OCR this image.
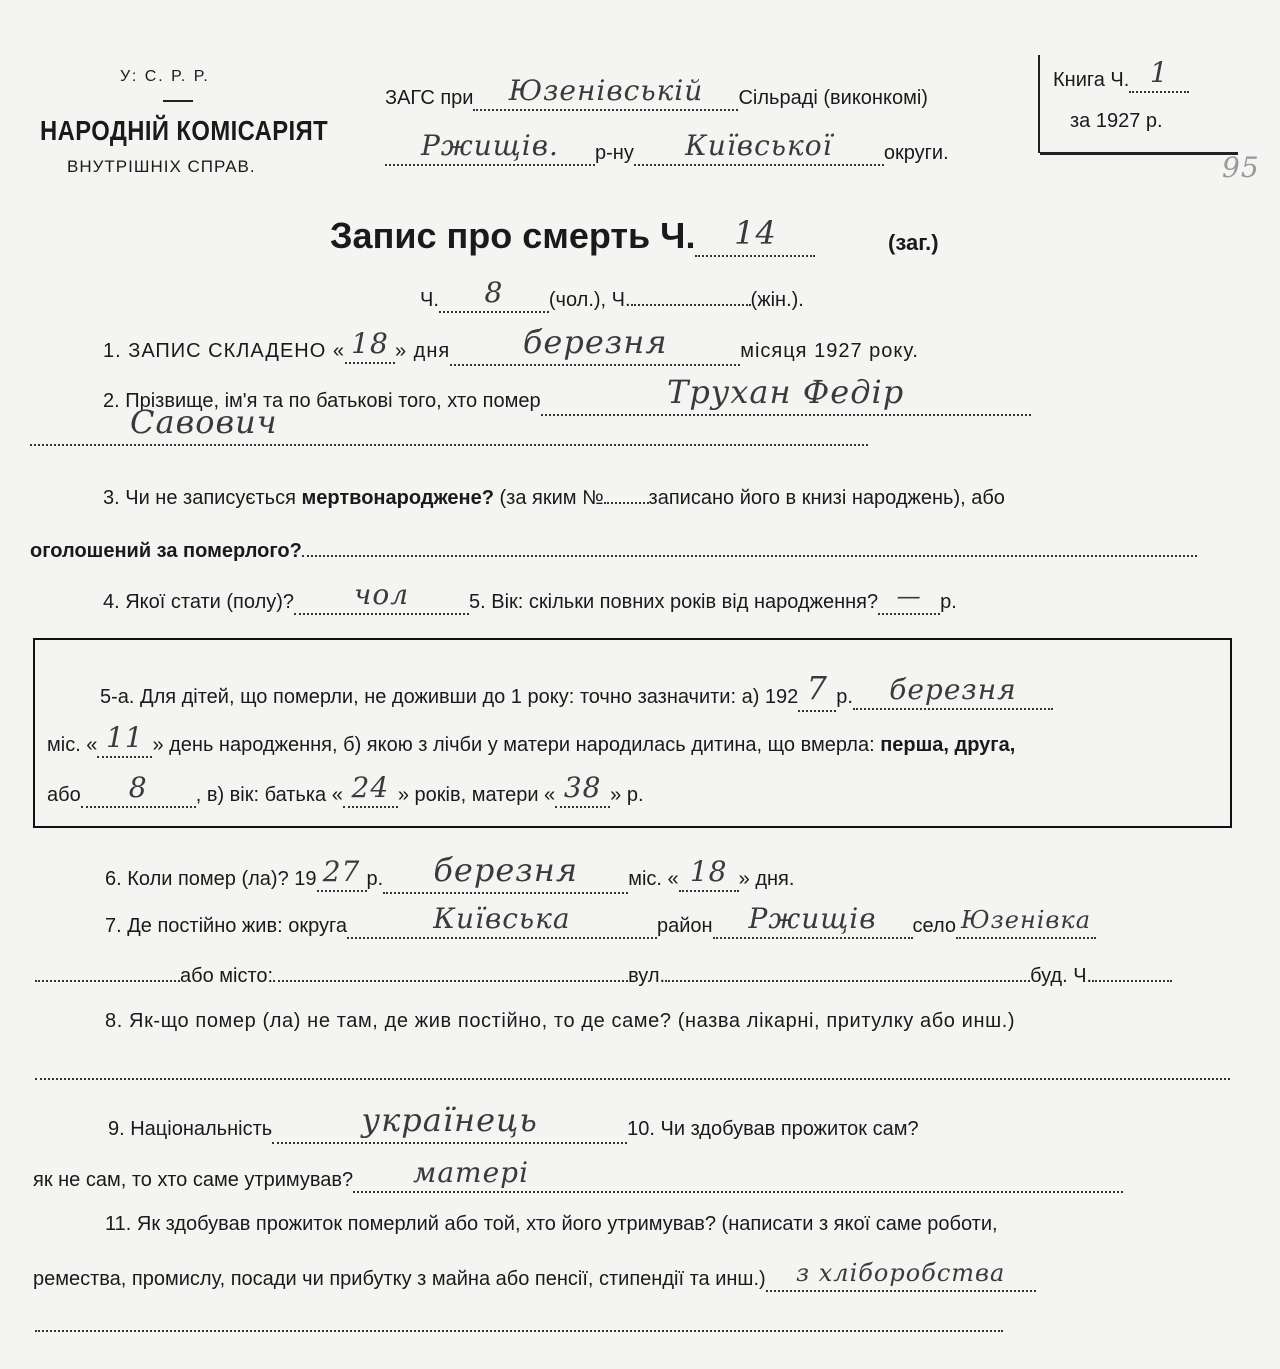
У: С. Р. Р.
НАРОДНІЙ КОМІСАРІЯТ
ВНУТРІШНІХ СПРАВ.
ЗАГС при Юзенівській Сільраді (виконкомі)
Ржищів. р-ну Київської	округи.
Книга Ч. 1
за 1927 р.
95
Запис про смерть Ч. 14	(заг.)
Ч. 8 (чол.), Ч.	(жін.).
1. ЗАПИС СКЛАДЕНО « 18 » дня березня	місяця 1927 року.
2. Прізвище, ім'я та по батькові того, хто помер	Трухан Федір
Савович
3. Чи не записується мертвонароджене? (за яким № записано його в книзі народжень), або
оголошений за померлого?
4. Якої стати (полу)? чол	5. Вік: скільки повних років від народження? — р.
5-а. Для дітей, що померли, не доживши до 1 року: точно зазначити: а) 192 7 р. березня
міс. « 11 » день народження, б) якою з лічби у матери народилась дитина, що вмерла: перша, друга,
або 8 , в) вік: батька « 24 » років, матери « 38 » р.
6. Коли помер (ла)? 19 27 р. березня	міс. « 18 » дня.
7. Де постійно жив: округа	Київська	район Ржищів село Юзенівка
або місто:	вул.	буд. Ч.
8. Як-що помер (ла) не там, де жив постійно, то де саме? (назва лікарні, притулку або инш.)
9. Національність	українець	10. Чи здобував прожиток сам?
як не сам, то хто саме утримував? матері
11. Як здобував прожиток померлий або той, хто його утримував? (написати з якої саме роботи,
ремества, промислу, посади чи прибутку з майна або пенсії, стипендії та инш.) з хліборобства
